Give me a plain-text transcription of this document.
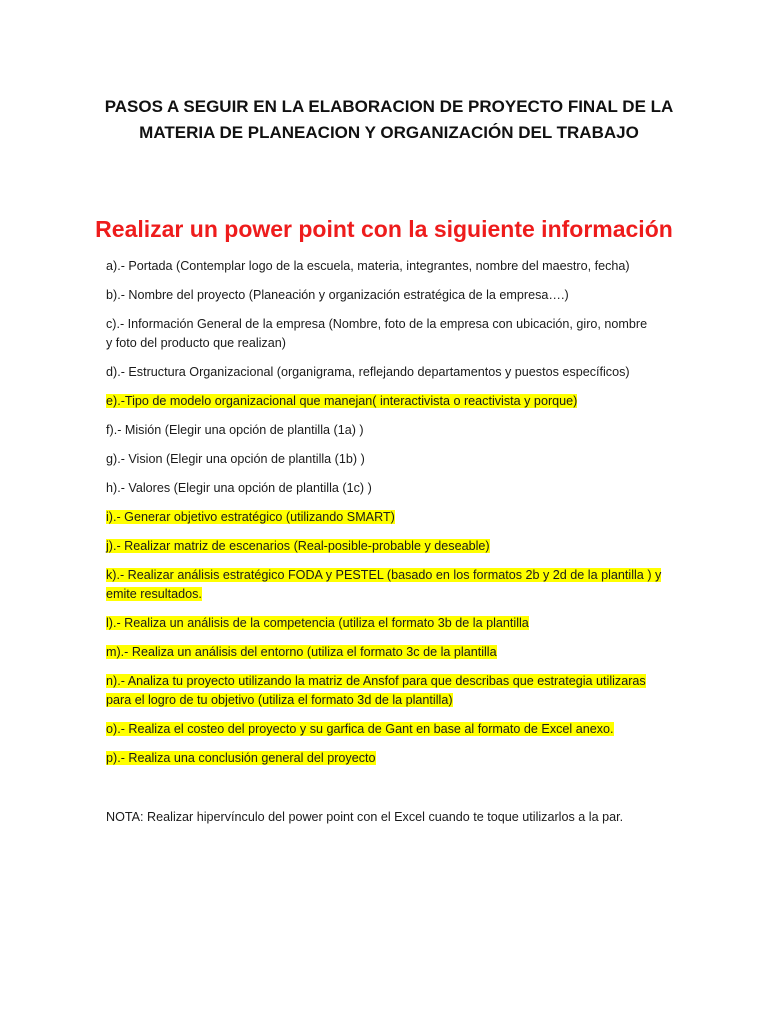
PASOS A SEGUIR EN LA ELABORACION DE PROYECTO FINAL DE LA
MATERIA DE PLANEACION Y ORGANIZACIÓN DEL TRABAJO
Realizar un power point con la siguiente información
a).- Portada (Contemplar logo de la escuela, materia, integrantes, nombre del maestro, fecha)
b).- Nombre del proyecto (Planeación y organización estratégica de la empresa….)
c).- Información General de la empresa (Nombre, foto de la empresa con ubicación, giro, nombre
y foto del producto que realizan)
d).- Estructura Organizacional (organigrama, reflejando departamentos y puestos específicos)
e).-Tipo de modelo organizacional que manejan( interactivista o reactivista y porque)
f).- Misión (Elegir una opción de plantilla (1a) )
g).- Vision (Elegir una opción de plantilla (1b) )
h).- Valores (Elegir una opción de plantilla (1c) )
i).- Generar objetivo estratégico (utilizando SMART)
j).- Realizar matriz de escenarios (Real-posible-probable y deseable)
k).- Realizar análisis estratégico FODA y PESTEL (basado en los formatos 2b y 2d de la plantilla ) y
emite resultados.
l).- Realiza un análisis de la competencia (utiliza el formato 3b de la plantilla
m).- Realiza un análisis del entorno (utiliza el formato 3c de la plantilla
n).- Analiza tu proyecto utilizando la matriz de Ansfof para que describas que estrategia utilizaras
para el logro de tu objetivo (utiliza el formato 3d de la plantilla)
o).- Realiza el costeo del proyecto y su garfica de Gant en base al formato de Excel anexo.
p).- Realiza una conclusión general del proyecto
NOTA: Realizar hipervínculo del power point con el Excel cuando te toque utilizarlos a la par.
